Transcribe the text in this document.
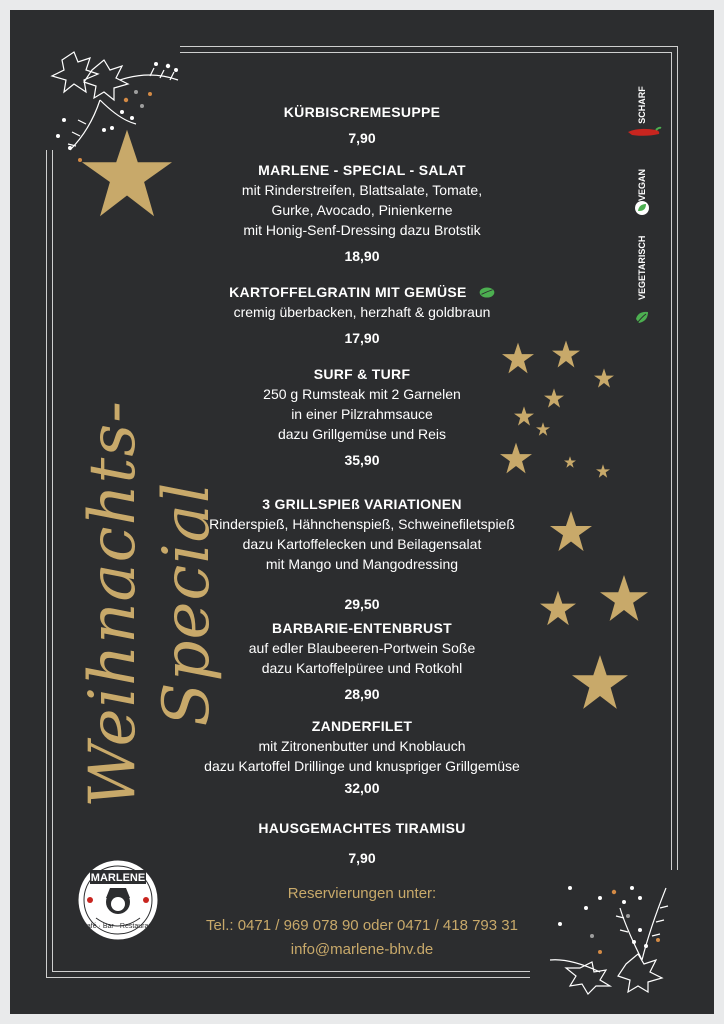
Weihnachts-Special
SCHARF
VEGAN
VEGETARISCH
KÜRBISCREMESUPPE
7,90
MARLENE - SPECIAL - SALAT
mit Rinderstreifen, Blattsalate, Tomate,
Gurke, Avocado, Pinienkerne
mit Honig-Senf-Dressing dazu Brotstik
18,90
KARTOFFELGRATIN MIT GEMÜSE
cremig überbacken, herzhaft & goldbraun
17,90
SURF & TURF
250 g Rumsteak mit 2 Garnelen
in einer Pilzrahmsauce
dazu Grillgemüse und Reis
35,90
3 GRILLSPIEß VARIATIONEN
Rinderspieß, Hähnchenspieß, Schweinefiletspieß
dazu Kartoffelecken und Beilagensalat
mit Mango und Mangodressing
29,50
BARBARIE-ENTENBRUST
auf edler Blaubeeren-Portwein Soße
dazu Kartoffelpüree und Rotkohl
28,90
ZANDERFILET
mit Zitronenbutter und Knoblauch
dazu Kartoffel Drillinge und knuspriger Grillgemüse
32,00
HAUSGEMACHTES TIRAMISU
7,90
MARLENE
Café · Bar · Restaurant
Reservierungen unter:
Tel.: 0471 / 969 078 90 oder 0471 / 418 793 31
info@marlene-bhv.de
